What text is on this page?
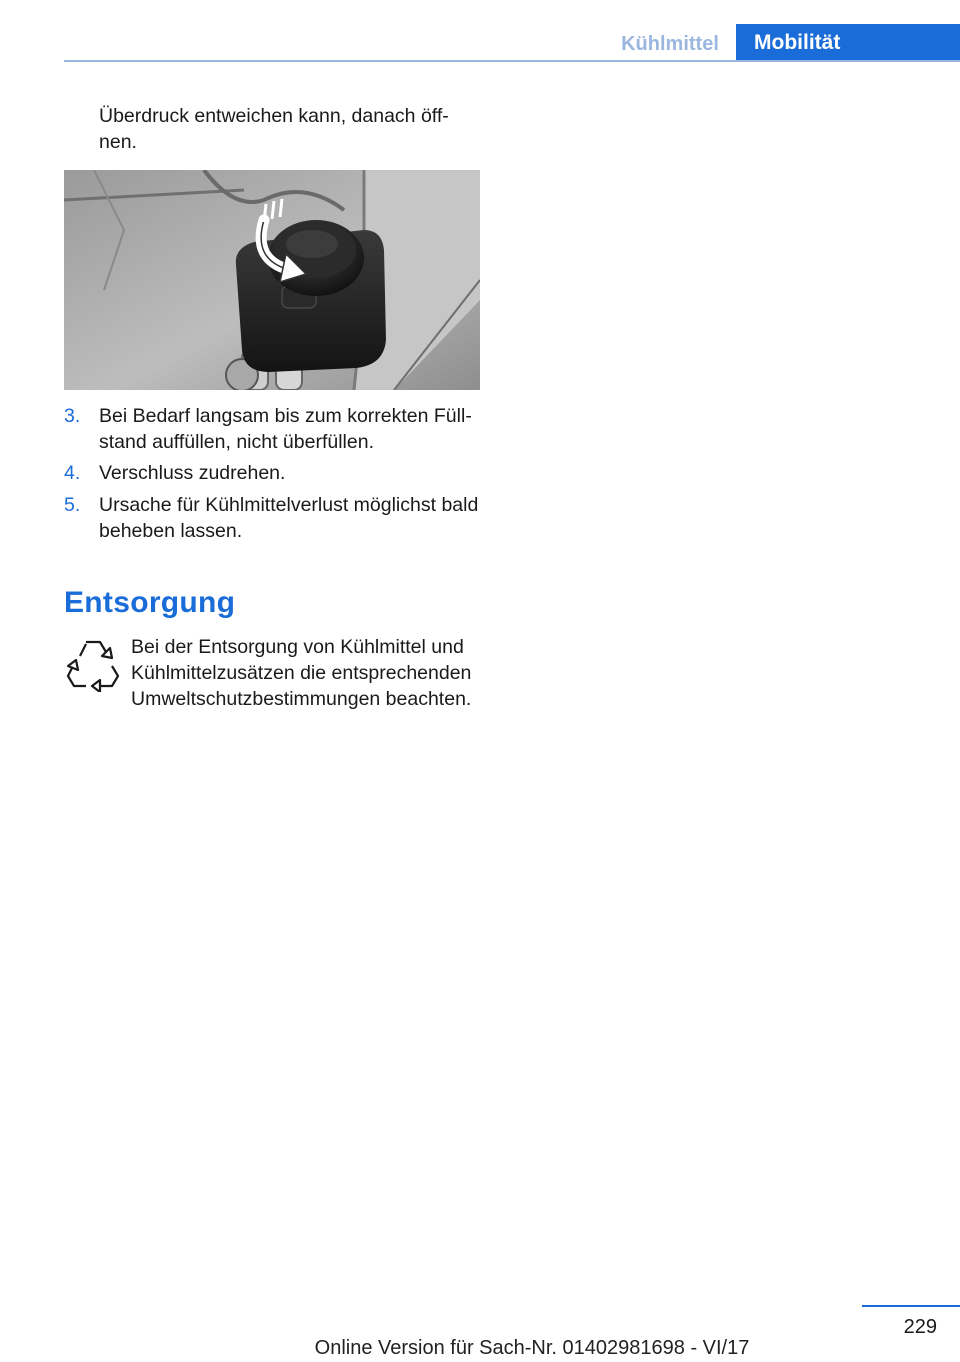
Kühlmittel	Mobilität

Überdruck entweichen kann, danach öffnen.

3. Bei Bedarf langsam bis zum korrekten Füllstand auffüllen, nicht überfüllen.
4. Verschluss zudrehen.
5. Ursache für Kühlmittelverlust möglichst bald beheben lassen.
Entsorgung

Bei der Entsorgung von Kühlmittel und Kühlmittelzusätzen die entsprechenden Umweltschutzbestimmungen beachten.

229
Online Version für Sach-Nr. 01402981698 - VI/17
